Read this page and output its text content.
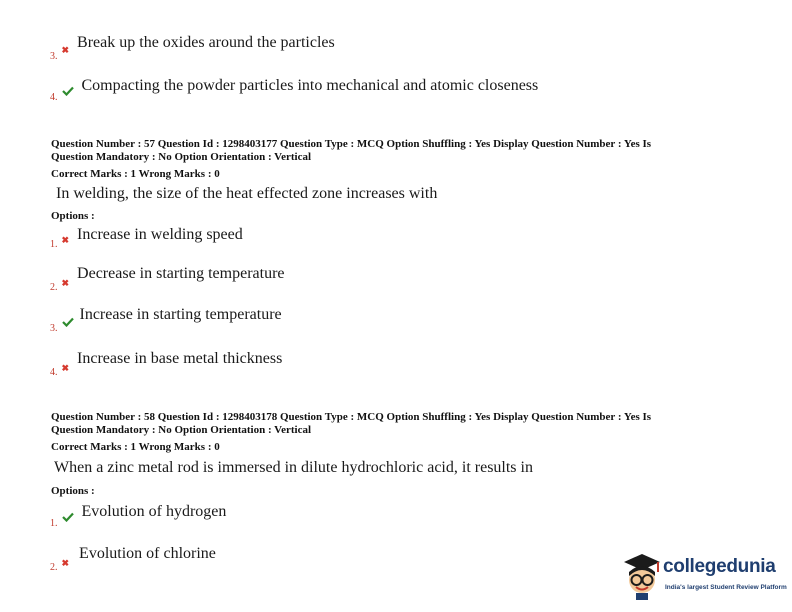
$_{3.}$ $_✖$ Break up the oxides around the particles
$_{4.}$  Compacting the powder particles into mechanical and atomic closeness
Question Number : 57 Question Id : 1298403177 Question Type : MCQ Option Shuffling : Yes Display Question Number : Yes Is
Question Mandatory : No Option Orientation : Vertical
Correct Marks : 1 Wrong Marks : 0
In welding, the size of the heat effected zone increases with
Options :
$_{1.}$ $_✖$ Increase in welding speed
$_{2.}$ $_✖$ Decrease in starting temperature
$_{3.}$  Increase in starting temperature
$_{4.}$ $_✖$ Increase in base metal thickness
Question Number : 58 Question Id : 1298403178 Question Type : MCQ Option Shuffling : Yes Display Question Number : Yes Is
Question Mandatory : No Option Orientation : Vertical
Correct Marks : 1 Wrong Marks : 0
When a zinc metal rod is immersed in dilute hydrochloric acid, it results in
Options :
$_{1.}$  Evolution of hydrogen
$_{2.}$ $_✖$ Evolution of chlorine
collegedunia
India's largest Student Review Platform
